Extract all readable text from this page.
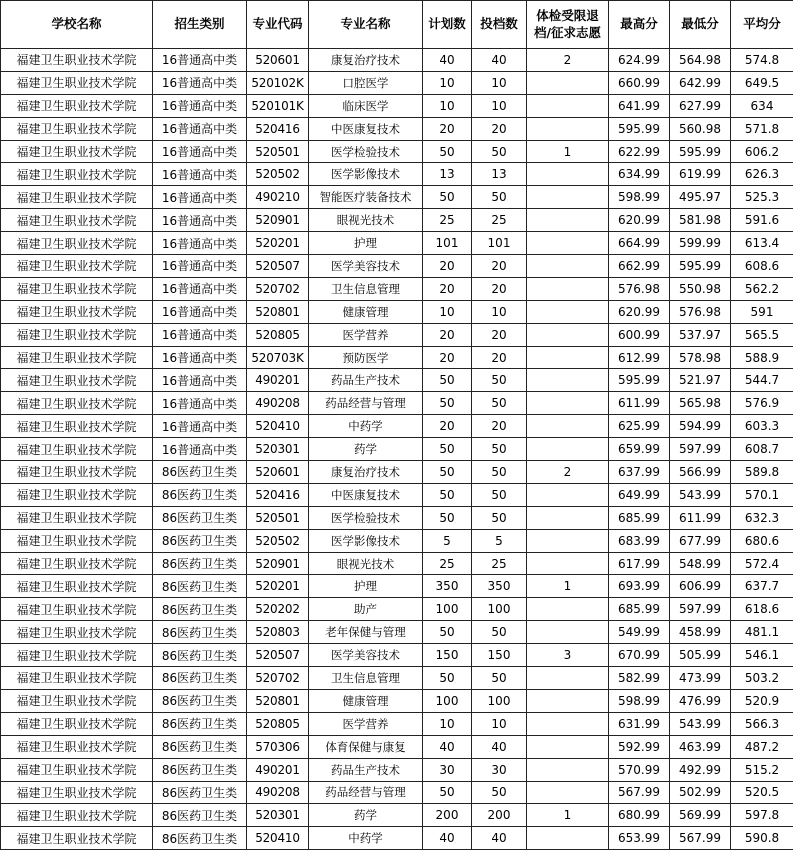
学校名称	招生类别	专业代码	专业名称	计划数	投档数	体检受限退档/征求志愿	最高分	最低分	平均分
福建卫生职业技术学院	16普通高中类	520601	康复治疗技术	40	40	2	624.99	564.98	574.8
福建卫生职业技术学院	16普通高中类	520102K	口腔医学	10	10		660.99	642.99	649.5
福建卫生职业技术学院	16普通高中类	520101K	临床医学	10	10		641.99	627.99	634
福建卫生职业技术学院	16普通高中类	520416	中医康复技术	20	20		595.99	560.98	571.8
福建卫生职业技术学院	16普通高中类	520501	医学检验技术	50	50	1	622.99	595.99	606.2
福建卫生职业技术学院	16普通高中类	520502	医学影像技术	13	13		634.99	619.99	626.3
福建卫生职业技术学院	16普通高中类	490210	智能医疗装备技术	50	50		598.99	495.97	525.3
福建卫生职业技术学院	16普通高中类	520901	眼视光技术	25	25		620.99	581.98	591.6
福建卫生职业技术学院	16普通高中类	520201	护理	101	101		664.99	599.99	613.4
福建卫生职业技术学院	16普通高中类	520507	医学美容技术	20	20		662.99	595.99	608.6
福建卫生职业技术学院	16普通高中类	520702	卫生信息管理	20	20		576.98	550.98	562.2
福建卫生职业技术学院	16普通高中类	520801	健康管理	10	10		620.99	576.98	591
福建卫生职业技术学院	16普通高中类	520805	医学营养	20	20		600.99	537.97	565.5
福建卫生职业技术学院	16普通高中类	520703K	预防医学	20	20		612.99	578.98	588.9
福建卫生职业技术学院	16普通高中类	490201	药品生产技术	50	50		595.99	521.97	544.7
福建卫生职业技术学院	16普通高中类	490208	药品经营与管理	50	50		611.99	565.98	576.9
福建卫生职业技术学院	16普通高中类	520410	中药学	20	20		625.99	594.99	603.3
福建卫生职业技术学院	16普通高中类	520301	药学	50	50		659.99	597.99	608.7
福建卫生职业技术学院	86医药卫生类	520601	康复治疗技术	50	50	2	637.99	566.99	589.8
福建卫生职业技术学院	86医药卫生类	520416	中医康复技术	50	50		649.99	543.99	570.1
福建卫生职业技术学院	86医药卫生类	520501	医学检验技术	50	50		685.99	611.99	632.3
福建卫生职业技术学院	86医药卫生类	520502	医学影像技术	5	5		683.99	677.99	680.6
福建卫生职业技术学院	86医药卫生类	520901	眼视光技术	25	25		617.99	548.99	572.4
福建卫生职业技术学院	86医药卫生类	520201	护理	350	350	1	693.99	606.99	637.7
福建卫生职业技术学院	86医药卫生类	520202	助产	100	100		685.99	597.99	618.6
福建卫生职业技术学院	86医药卫生类	520803	老年保健与管理	50	50		549.99	458.99	481.1
福建卫生职业技术学院	86医药卫生类	520507	医学美容技术	150	150	3	670.99	505.99	546.1
福建卫生职业技术学院	86医药卫生类	520702	卫生信息管理	50	50		582.99	473.99	503.2
福建卫生职业技术学院	86医药卫生类	520801	健康管理	100	100		598.99	476.99	520.9
福建卫生职业技术学院	86医药卫生类	520805	医学营养	10	10		631.99	543.99	566.3
福建卫生职业技术学院	86医药卫生类	570306	体育保健与康复	40	40		592.99	463.99	487.2
福建卫生职业技术学院	86医药卫生类	490201	药品生产技术	30	30		570.99	492.99	515.2
福建卫生职业技术学院	86医药卫生类	490208	药品经营与管理	50	50		567.99	502.99	520.5
福建卫生职业技术学院	86医药卫生类	520301	药学	200	200	1	680.99	569.99	597.8
福建卫生职业技术学院	86医药卫生类	520410	中药学	40	40		653.99	567.99	590.8
